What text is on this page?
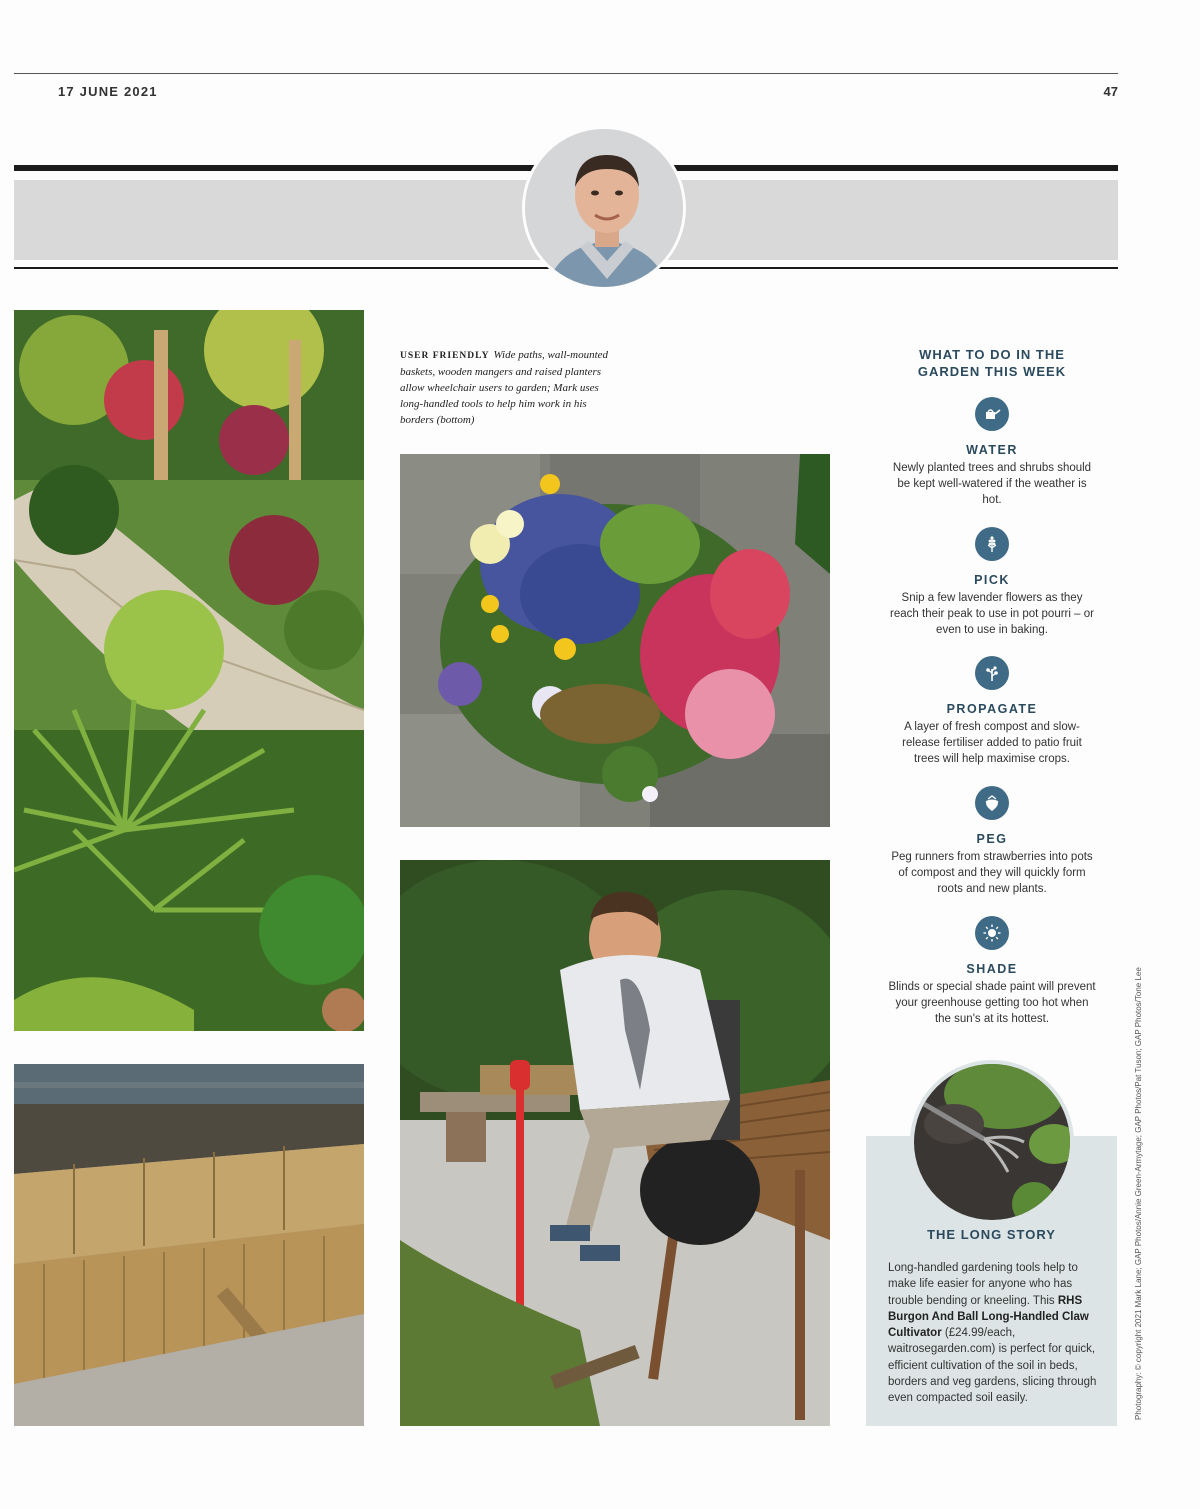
17 JUNE 2021	47
USER FRIENDLY Wide paths, wall-mounted baskets, wooden mangers and raised planters allow wheelchair users to garden; Mark uses long-handled tools to help him work in his borders (bottom)
WHAT TO DO IN THE GARDEN THIS WEEK
WATER
Newly planted trees and shrubs should be kept well-watered if the weather is hot.
PICK
Snip a few lavender flowers as they reach their peak to use in pot pourri – or even to use in baking.
PROPAGATE
A layer of fresh compost and slow-release fertiliser added to patio fruit trees will help maximise crops.
PEG
Peg runners from strawberries into pots of compost and they will quickly form roots and new plants.
SHADE
Blinds or special shade paint will prevent your greenhouse getting too hot when the sun's at its hottest.
THE LONG STORY
Long-handled gardening tools help to make life easier for anyone who has trouble bending or kneeling. This RHS Burgon And Ball Long-Handled Claw Cultivator (£24.99/each, waitrosegarden.com) is perfect for quick, efficient cultivation of the soil in beds, borders and veg gardens, slicing through even compacted soil easily.	Photography: © copyright 2021 Mark Lane; GAP Photos/Annie Green-Armytage; GAP Photos/Pat Tuson; GAP Photos/Tone Lee
